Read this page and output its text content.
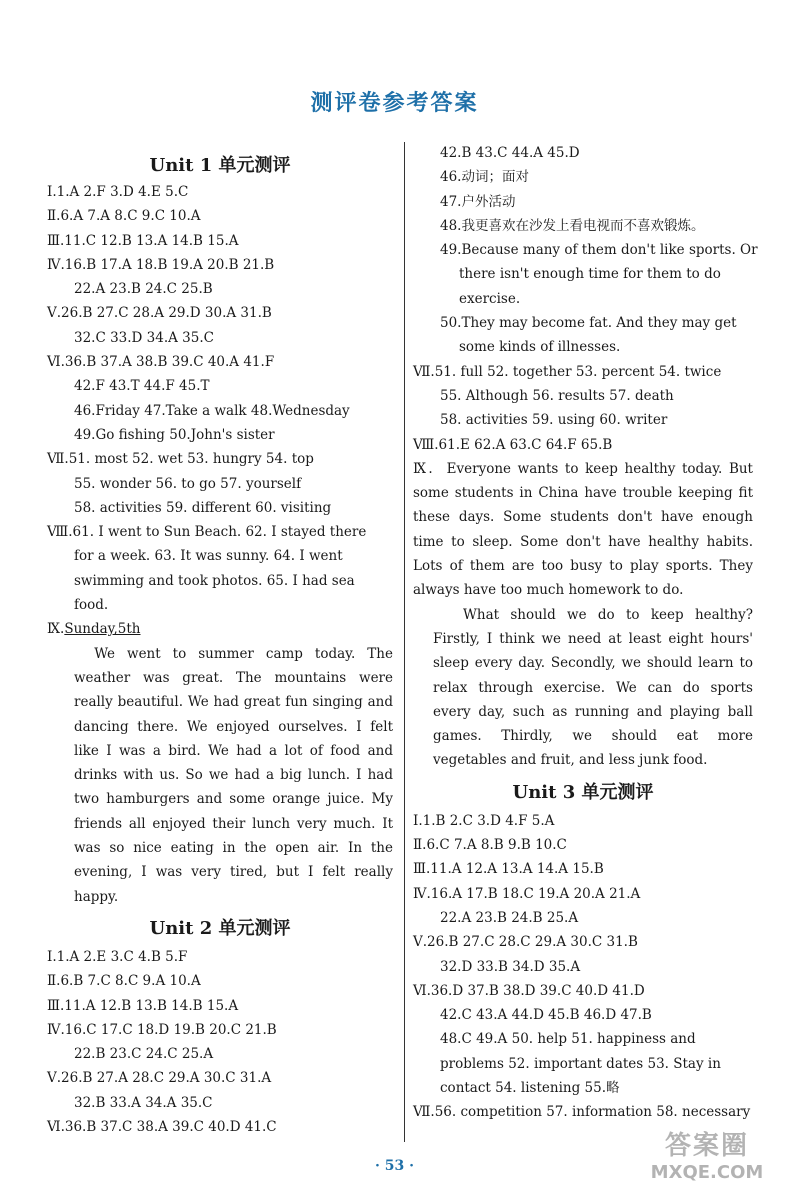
测评卷参考答案
Unit 1 单元测评
Ⅰ.1.A 2.F 3.D 4.E 5.C
Ⅱ.6.A 7.A 8.C 9.C 10.A
Ⅲ.11.C 12.B 13.A 14.B 15.A
Ⅳ.16.B 17.A 18.B 19.A 20.B 21.B
22.A 23.B 24.C 25.B
Ⅴ.26.B 27.C 28.A 29.D 30.A 31.B
32.C 33.D 34.A 35.C
Ⅵ.36.B 37.A 38.B 39.C 40.A 41.F
42.F 43.T 44.F 45.T
46.Friday 47.Take a walk 48.Wednesday
49.Go fishing 50.John's sister
Ⅶ.51. most 52. wet 53. hungry 54. top
55. wonder 56. to go 57. yourself
58. activities 59. different 60. visiting
Ⅷ.61. I went to Sun Beach. 62. I stayed there
for a week. 63. It was sunny. 64. I went
swimming and took photos. 65. I had sea
food.
Ⅸ.Sunday,5th
We went to summer camp today. The weather was great. The mountains were really beautiful. We had great fun singing and dancing there. We enjoyed ourselves. I felt like I was a bird. We had a lot of food and drinks with us. So we had a big lunch. I had two hamburgers and some orange juice. My friends all enjoyed their lunch very much. It was so nice eating in the open air. In the evening, I was very tired, but I felt really happy.
Unit 2 单元测评
Ⅰ.1.A 2.E 3.C 4.B 5.F
Ⅱ.6.B 7.C 8.C 9.A 10.A
Ⅲ.11.A 12.B 13.B 14.B 15.A
Ⅳ.16.C 17.C 18.D 19.B 20.C 21.B
22.B 23.C 24.C 25.A
Ⅴ.26.B 27.A 28.C 29.A 30.C 31.A
32.B 33.A 34.A 35.C
Ⅵ.36.B 37.C 38.A 39.C 40.D 41.C
42.B 43.C 44.A 45.D
46.动词；面对
47.户外活动
48.我更喜欢在沙发上看电视而不喜欢锻炼。
49.Because many of them don't like sports. Or
there isn't enough time for them to do
exercise.
50.They may become fat. And they may get
some kinds of illnesses.
Ⅶ.51. full 52. together 53. percent 54. twice
55. Although 56. results 57. death
58. activities 59. using 60. writer
Ⅷ.61.E 62.A 63.C 64.F 65.B
Ⅸ. Everyone wants to keep healthy today. But some students in China have trouble keeping fit these days. Some students don't have enough time to sleep. Some don't have healthy habits. Lots of them are too busy to play sports. They always have too much homework to do.
What should we do to keep healthy? Firstly, I think we need at least eight hours' sleep every day. Secondly, we should learn to relax through exercise. We can do sports every day, such as running and playing ball games. Thirdly, we should eat more vegetables and fruit, and less junk food.
Unit 3 单元测评
Ⅰ.1.B 2.C 3.D 4.F 5.A
Ⅱ.6.C 7.A 8.B 9.B 10.C
Ⅲ.11.A 12.A 13.A 14.A 15.B
Ⅳ.16.A 17.B 18.C 19.A 20.A 21.A
22.A 23.B 24.B 25.A
Ⅴ.26.B 27.C 28.C 29.A 30.C 31.B
32.D 33.B 34.D 35.A
Ⅵ.36.D 37.B 38.D 39.C 40.D 41.D
42.C 43.A 44.D 45.B 46.D 47.B
48.C 49.A 50. help 51. happiness and
problems 52. important dates 53. Stay in
contact 54. listening 55.略
Ⅶ.56. competition 57. information 58. necessary
· 53 ·
答案圈
MXQE.COM
